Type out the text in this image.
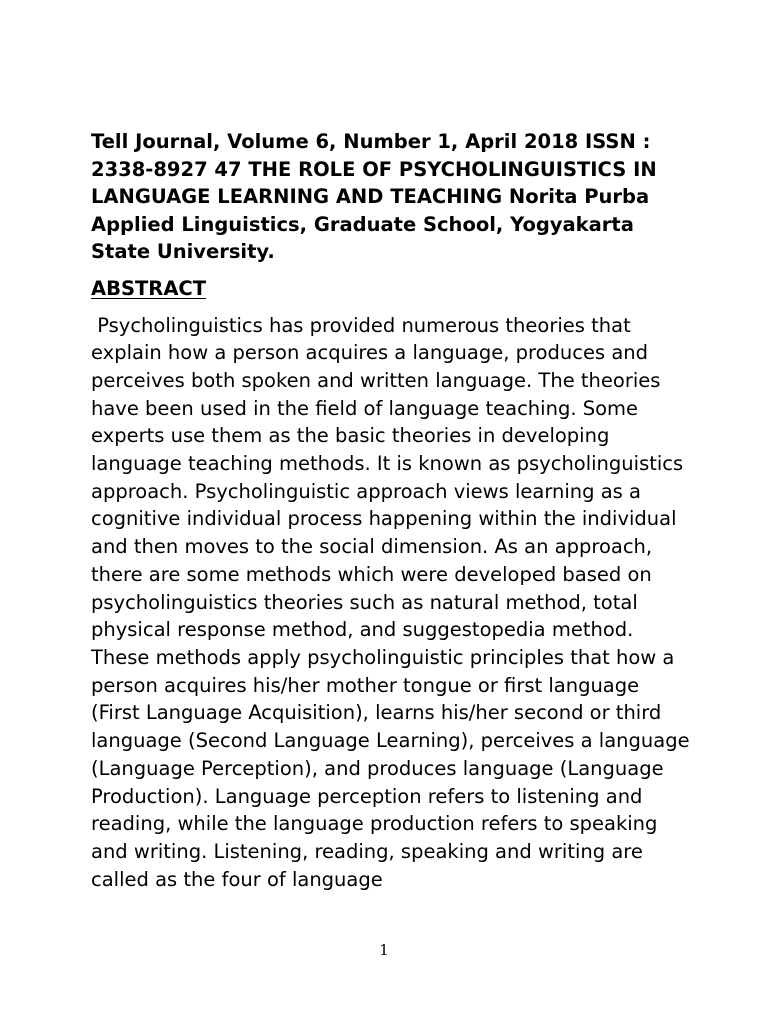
Tell Journal, Volume 6, Number 1, April 2018 ISSN : 2338-8927 47 THE ROLE OF PSYCHOLINGUISTICS IN LANGUAGE LEARNING AND TEACHING Norita Purba Applied Linguistics, Graduate School, Yogyakarta State University.

ABSTRACT

Psycholinguistics has provided numerous theories that explain how a person acquires a language, produces and perceives both spoken and written language. The theories have been used in the field of language teaching. Some experts use them as the basic theories in developing language teaching methods. It is known as psycholinguistics approach. Psycholinguistic approach views learning as a cognitive individual process happening within the individual and then moves to the social dimension. As an approach, there are some methods which were developed based on psycholinguistics theories such as natural method, total physical response method, and suggestopedia method. These methods apply psycholinguistic principles that how a person acquires his/her mother tongue or first language (First Language Acquisition), learns his/her second or third language (Second Language Learning), perceives a language (Language Perception), and produces language (Language Production). Language perception refers to listening and reading, while the language production refers to speaking and writing. Listening, reading, speaking and writing are called as the four of language

1
